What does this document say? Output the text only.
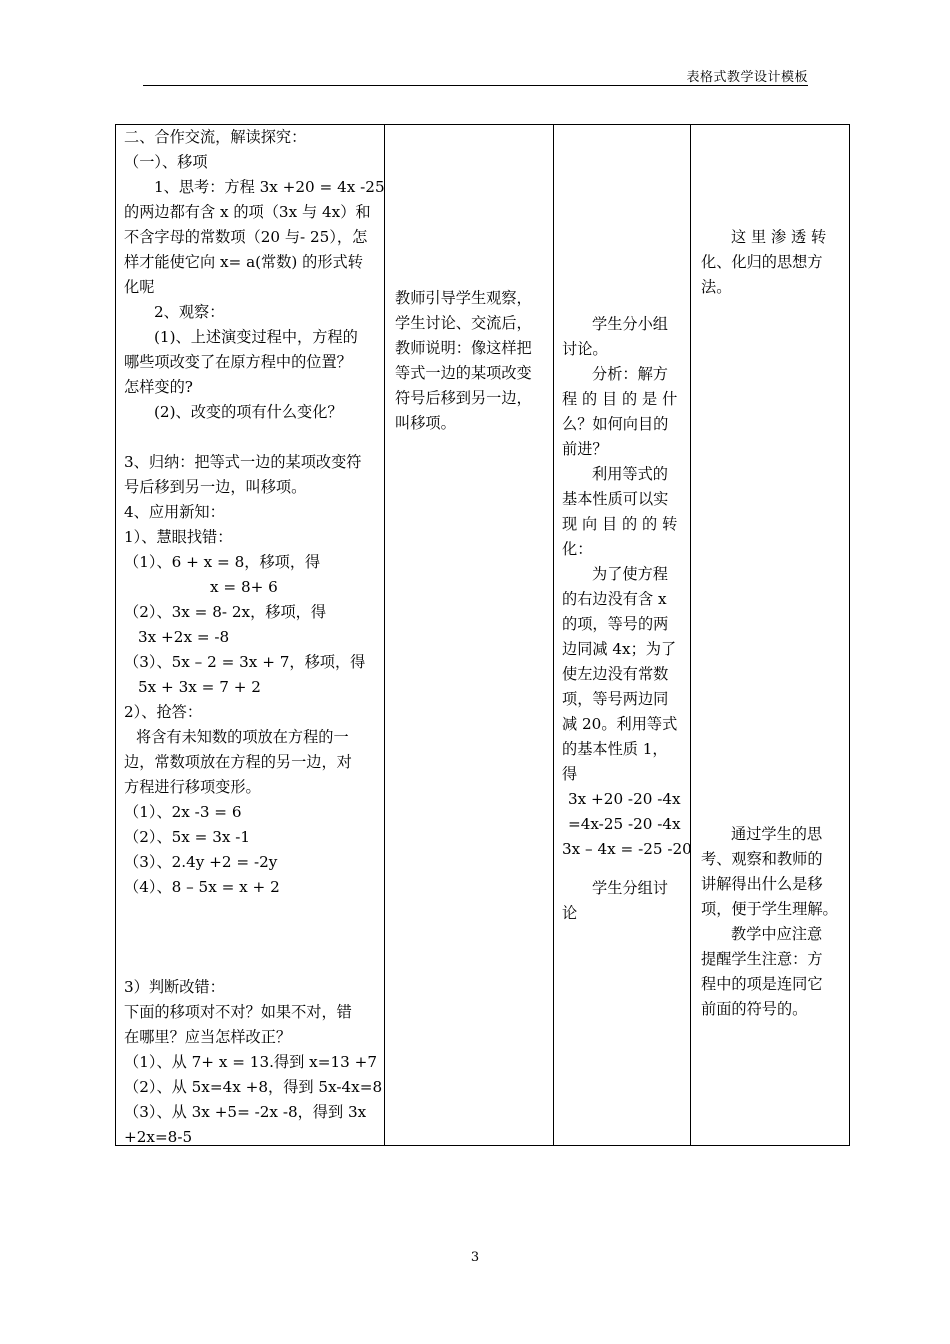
表格式教学设计模板
二、合作交流，解读探究：
（一）、移项
1、思考：方程 3x +20 = 4x -25
的两边都有含 x 的项（3x 与 4x）和
不含字母的常数项（20 与- 25），怎
样才能使它向 x= a(常数) 的形式转
化呢
2、观察：
(1)、上述演变过程中，方程的
哪些项改变了在原方程中的位置？
怎样变的?
(2)、改变的项有什么变化？
3、归纳：把等式一边的某项改变符
号后移到另一边，叫移项。
4、应用新知：
1）、慧眼找错：
（1）、6 + x = 8，移项，得
x = 8+ 6
（2）、3x = 8- 2x，移项，得
3x +2x = -8
（3）、5x – 2 = 3x + 7，移项，得
5x + 3x = 7 + 2
2）、抢答：
将含有未知数的项放在方程的一
边，常数项放在方程的另一边，对
方程进行移项变形。
（1）、2x -3 = 6
（2）、5x = 3x -1
（3）、2.4y +2 = -2y
（4）、8 – 5x = x + 2
3）判断改错：
下面的移项对不对？如果不对，错
在哪里？应当怎样改正？
（1）、从 7+ x = 13.得到 x=13 +7
（2）、从 5x=4x +8，得到 5x-4x=8
（3）、从 3x +5= -2x -8，得到 3x
+2x=8-5
教师引导学生观察，
学生讨论、交流后，
教师说明：像这样把
等式一边的某项改变
符号后移到另一边，
叫移项。
学生分小组
讨论。
分析：解方
程 的 目 的 是 什
么？如何向目的
前进？
利用等式的
基本性质可以实
现 向 目 的 的 转
化：
为了使方程
的右边没有含 x
的项，等号的两
边同减 4x；为了
使左边没有常数
项，等号两边同
减 20。利用等式
的基本性质 1，
得
3x +20 -20 -4x
=4x-25 -20 -4x
3x – 4x = -25 -20
学生分组讨
论
这 里 渗 透 转
化、化归的思想方
法。
通过学生的思
考、观察和教师的
讲解得出什么是移
项，便于学生理解。
教学中应注意
提醒学生注意：方
程中的项是连同它
前面的符号的。
3
